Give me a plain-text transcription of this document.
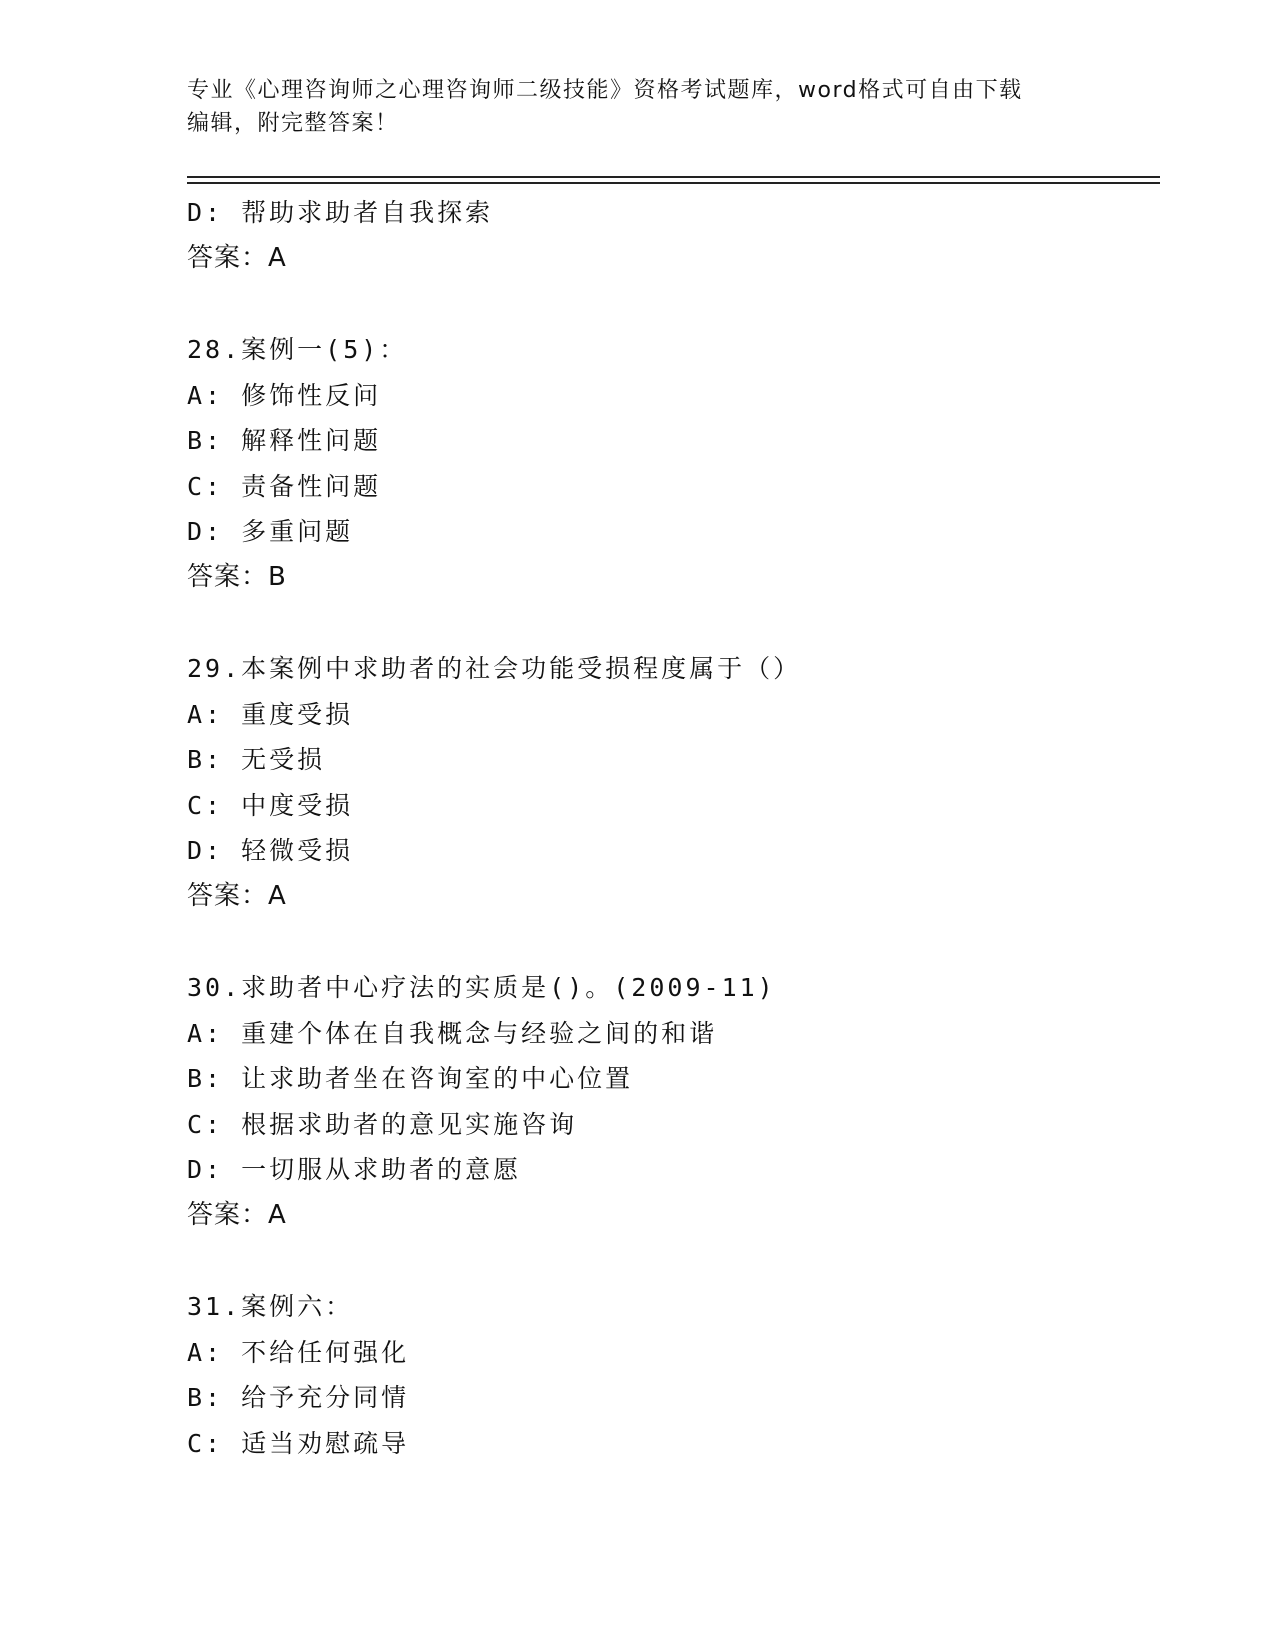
专业《心理咨询师之心理咨询师二级技能》资格考试题库，word格式可自由下载
编辑，附完整答案！
D: 帮助求助者自我探索
答案：A
28.案例一(5)：
A: 修饰性反问
B: 解释性问题
C: 责备性问题
D: 多重问题
答案：B
29.本案例中求助者的社会功能受损程度属于（）
A: 重度受损
B: 无受损
C: 中度受损
D: 轻微受损
答案：A
30.求助者中心疗法的实质是()。(2009-11)
A: 重建个体在自我概念与经验之间的和谐
B: 让求助者坐在咨询室的中心位置
C: 根据求助者的意见实施咨询
D: 一切服从求助者的意愿
答案：A
31.案例六：
A: 不给任何强化
B: 给予充分同情
C: 适当劝慰疏导
